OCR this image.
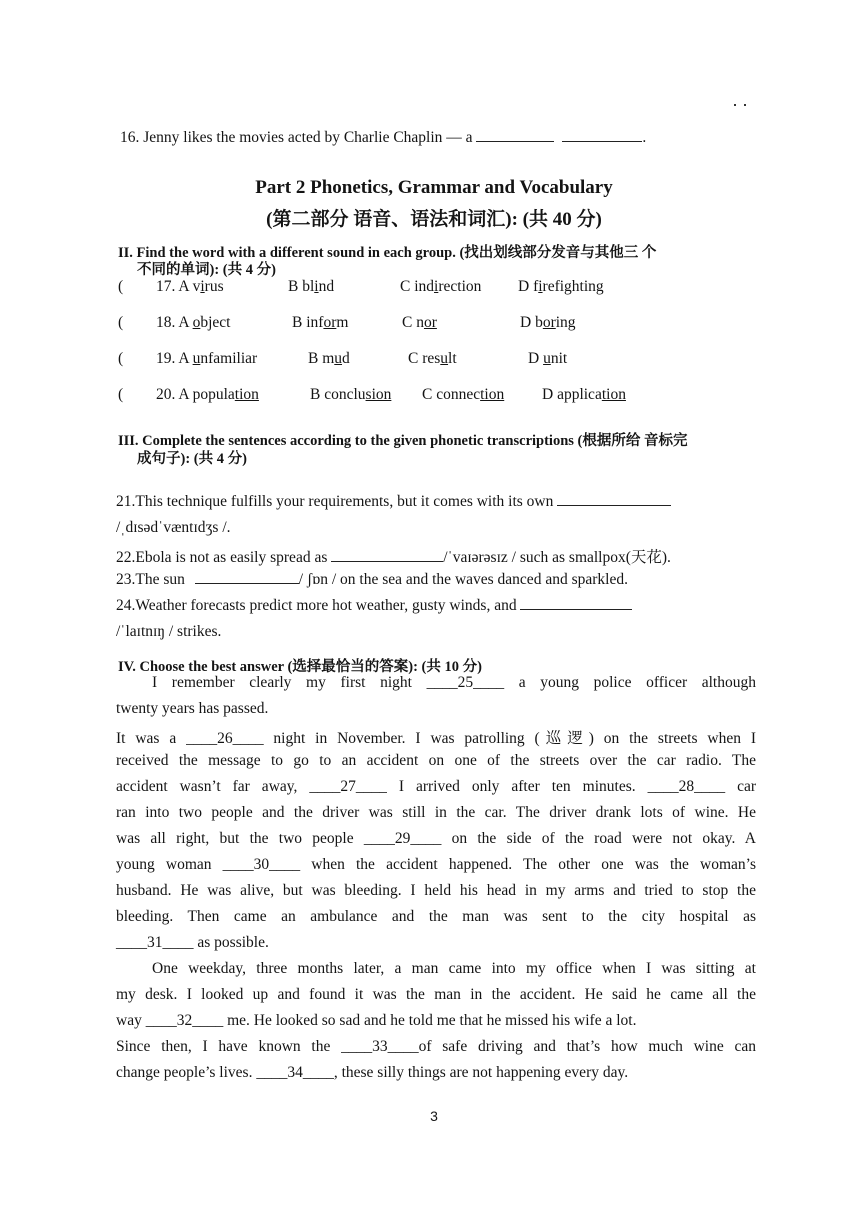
16. Jenny likes the movies acted by Charlie Chaplin — a	.
Part 2 Phonetics, Grammar and Vocabulary
(第二部分 语音、语法和词汇): (共 40 分)
II. Find the word with a different sound in each group. (找出划线部分发音与其他三 个
不同的单词): (共 4 分)
( 17. A virus	B blind	C indirection D firefighting
( 18. A object	B inform	C nor	D boring
( 19. A unfamiliar	B mud	C result	D unit
( 20. A population	B conclusion C connection D application
III. Complete the sentences according to the given phonetic transcriptions (根据所给 音标完
成句子): (共 4 分)
21.This technique fulfills your requirements, but it comes with its own
/ˌdɪsədˈvæntɪdʒs /.
22.Ebola is not as easily spread as	/ˈvaɪərəsɪz / such as smallpox(天花).
23.The sun	/ ʃɒn / on the sea and the waves danced and sparkled.
24.Weather forecasts predict more hot weather, gusty winds, and
/ˈlaɪtnɪŋ / strikes.
IV. Choose the best answer (选择最恰当的答案): (共 10 分)
I remember clearly my first night ____25____ a young police officer although
twenty years has passed.
It was a ____26____ night in November. I was patrolling (巡逻) on the streets when I
received the message to go to an accident on one of the streets over the car radio. The
accident wasn’t far away, ____27____ I arrived only after ten minutes. ____28____ car
ran into two people and the driver was still in the car. The driver drank lots of wine. He
was all right, but the two people ____29____ on the side of the road were not okay. A
young woman ____30____ when the accident happened. The other one was the woman’s
husband. He was alive, but was bleeding. I held his head in my arms and tried to stop the
bleeding. Then came an ambulance and the man was sent to the city hospital as
____31____ as possible.
One weekday, three months later, a man came into my office when I was sitting at
my desk. I looked up and found it was the man in the accident. He said he came all the
way ____32____ me. He looked so sad and he told me that he missed his wife a lot.
Since then, I have known the ____33____of safe driving and that’s how much wine can
change people’s lives. ____34____, these silly things are not happening every day.
3
